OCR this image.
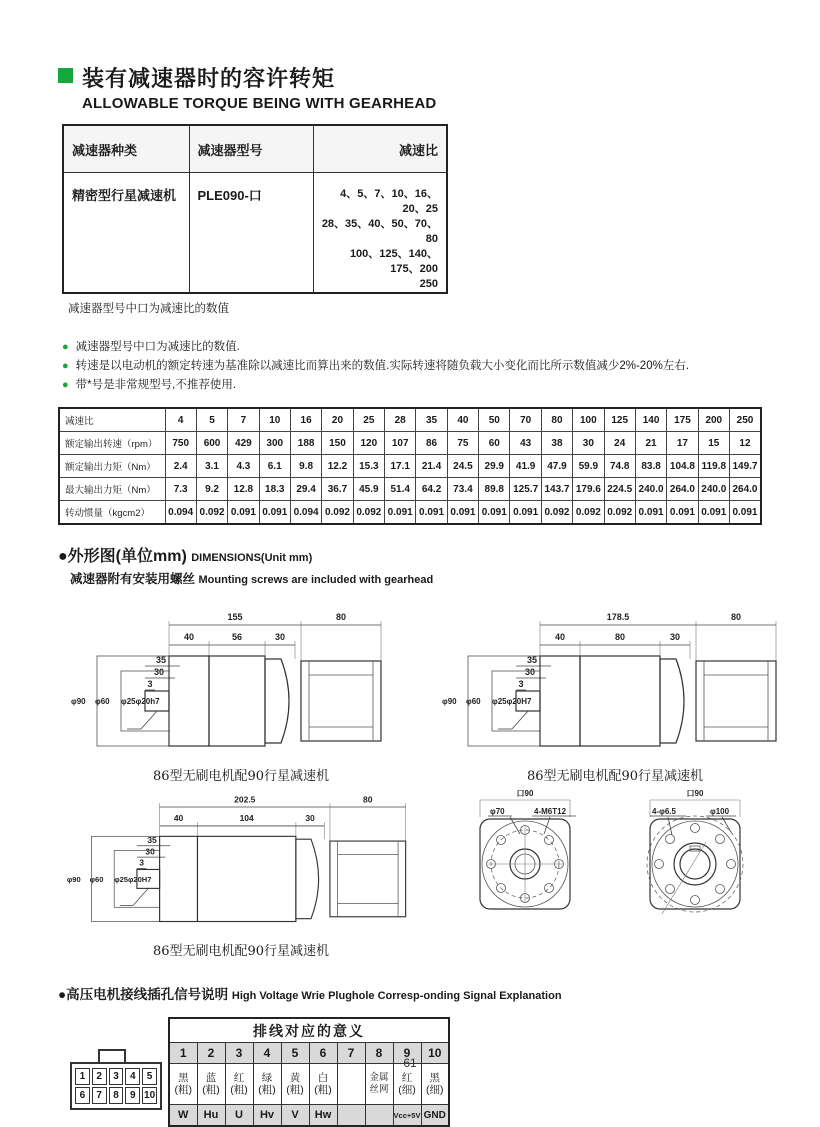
装有减速器时的容许转矩
ALLOWABLE TORQUE BEING WITH GEARHEAD
减速器种类	减速器型号	减速比
精密型行星减速机	PLE090-口	4、5、7、10、16、20、25
28、35、40、50、70、80
100、125、140、175、200
250
减速器型号中口为减速比的数值
● 减速器型号中口为减速比的数值.
● 转速是以电动机的额定转速为基准除以减速比而算出来的数值.实际转速将随负载大小变化而比所示数值减少2%-20%左右.
● 带*号是非常规型号,不推荐使用.
减速比	4	5	7	10	16	20	25	28	35	40	50	70	80	100	125	140	175	200	250
额定输出转速（rpm）	750	600	429	300	188	150	120	107	86	75	60	43	38	30	24	21	17	15	12
额定输出力矩（Nm）	2.4	3.1	4.3	6.1	9.8	12.2	15.3	17.1	21.4	24.5	29.9	41.9	47.9	59.9	74.8	83.8	104.8	119.8	149.7
最大输出力矩（Nm）	7.3	9.2	12.8	18.3	29.4	36.7	45.9	51.4	64.2	73.4	89.8	125.7	143.7	179.6	224.5	240.0	264.0	240.0	264.0
转动惯量（kgcm2）	0.094	0.092	0.091	0.091	0.094	0.092	0.092	0.091	0.091	0.091	0.091	0.091	0.092	0.092	0.092	0.091	0.091	0.091	0.091
●外形图(单位mm) DIMENSIONS(Unit mm)
减速器附有安装用螺丝 Mounting screws are included with gearhead
155	80
40	56	30
35
30
3
φ90 φ60 φ25φ20h7
86型无刷电机配90行星减速机
178.5	80
40	80	30
35
30
3
φ90 φ60 φ25φ20H7
86型无刷电机配90行星减速机
202.5	80
40	104	30
35
30
3
φ90 φ60 φ25φ20H7
86型无刷电机配90行星减速机
口90
φ70	4-M6T12
口90
4-φ6.5	φ100
●高压电机接线插孔信号说明 High Voltage Wrie Plughole Corresp-onding Signal Explanation
1	2	3	4	5
6	7	8	9 10
排线对应的意义									
1	2	3	4	5	6	7	8	9	10
黑(粗)	蓝(粗)	红(粗)	绿(粗)	黄(粗)	白(粗)		金属丝网	红(细)	黑(细)
W	Hu	U	Hv	V	Hw			Vcc+5V	GND
61
